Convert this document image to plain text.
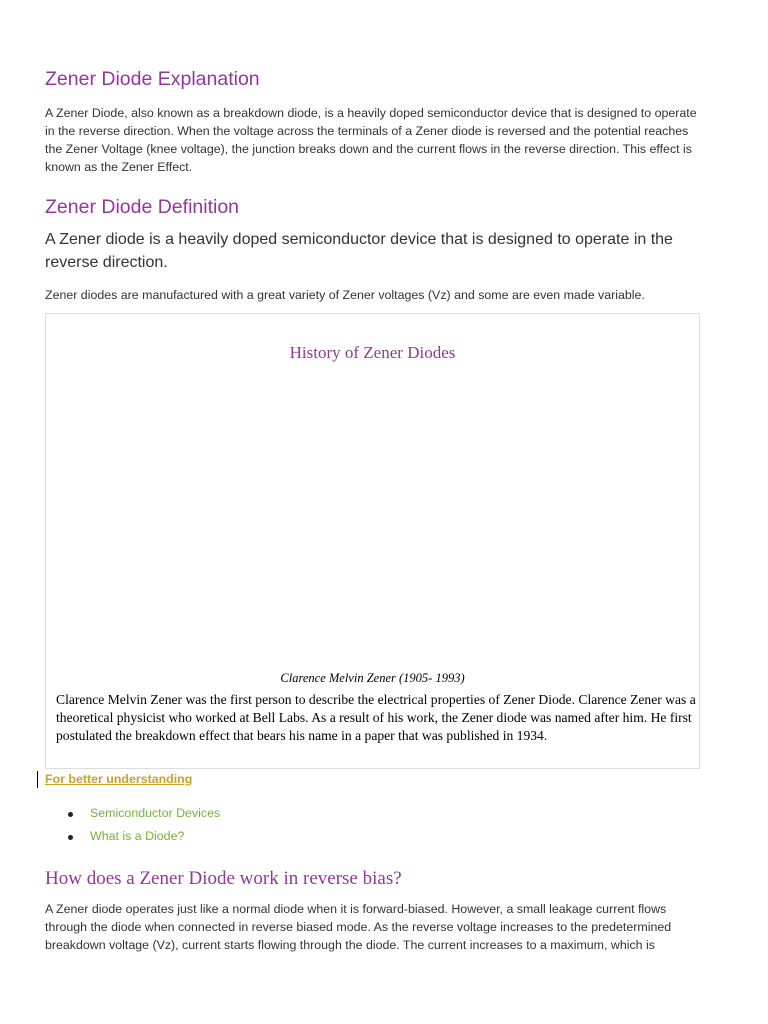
Zener Diode Explanation

A Zener Diode, also known as a breakdown diode, is a heavily doped semiconductor device that is designed to operate in the reverse direction. When the voltage across the terminals of a Zener diode is reversed and the potential reaches the Zener Voltage (knee voltage), the junction breaks down and the current flows in the reverse direction. This effect is known as the Zener Effect.

Zener Diode Definition

A Zener diode is a heavily doped semiconductor device that is designed to operate in the reverse direction.

Zener diodes are manufactured with a great variety of Zener voltages (Vz) and some are even made variable.

History of Zener Diodes
Clarence Melvin Zener (1905- 1993)

Clarence Melvin Zener was the first person to describe the electrical properties of Zener Diode. Clarence Zener was a theoretical physicist who worked at Bell Labs. As a result of his work, the Zener diode was named after him. He first postulated the breakdown effect that bears his name in a paper that was published in 1934.

For better understanding
Semiconductor Devices
What is a Diode?
How does a Zener Diode work in reverse bias?

A Zener diode operates just like a normal diode when it is forward-biased. However, a small leakage current flows through the diode when connected in reverse biased mode. As the reverse voltage increases to the predetermined breakdown voltage (Vz), current starts flowing through the diode. The current increases to a maximum, which is
